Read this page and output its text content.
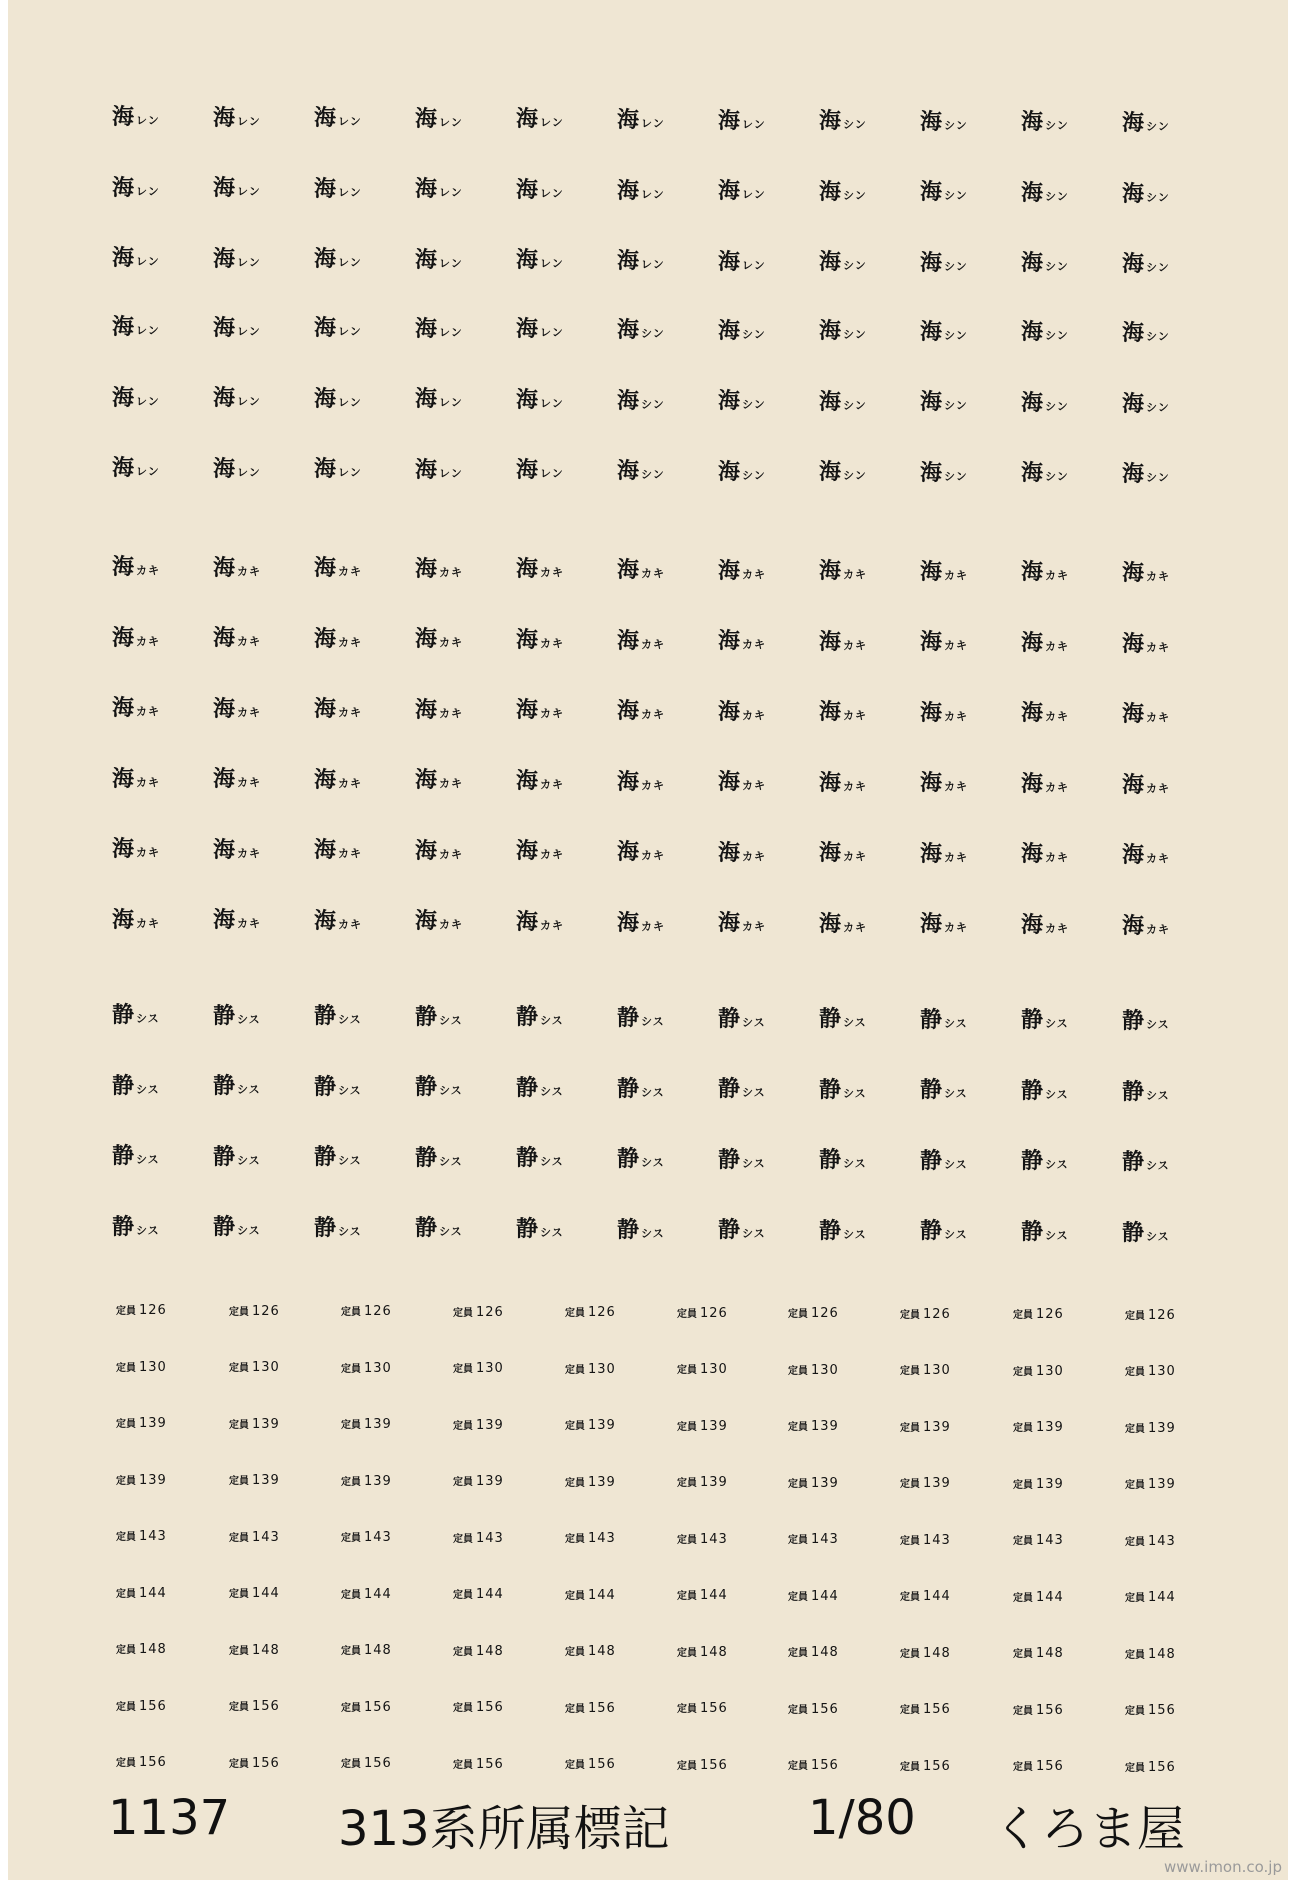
海レン 海レン 海レン 海レン 海レン 海レン 海レン 海シン 海シン 海シン 海シン
海レン 海レン 海レン 海レン 海レン 海レン 海レン 海シン 海シン 海シン 海シン
海レン 海レン 海レン 海レン 海レン 海レン 海レン 海シン 海シン 海シン 海シン
海レン 海レン 海レン 海レン 海レン 海シン 海シン 海シン 海シン 海シン 海シン
海レン 海レン 海レン 海レン 海レン 海シン 海シン 海シン 海シン 海シン 海シン
海レン 海レン 海レン 海レン 海レン 海シン 海シン 海シン 海シン 海シン 海シン
海カキ 海カキ 海カキ 海カキ 海カキ 海カキ 海カキ 海カキ 海カキ 海カキ 海カキ
海カキ 海カキ 海カキ 海カキ 海カキ 海カキ 海カキ 海カキ 海カキ 海カキ 海カキ
海カキ 海カキ 海カキ 海カキ 海カキ 海カキ 海カキ 海カキ 海カキ 海カキ 海カキ
海カキ 海カキ 海カキ 海カキ 海カキ 海カキ 海カキ 海カキ 海カキ 海カキ 海カキ
海カキ 海カキ 海カキ 海カキ 海カキ 海カキ 海カキ 海カキ 海カキ 海カキ 海カキ
海カキ 海カキ 海カキ 海カキ 海カキ 海カキ 海カキ 海カキ 海カキ 海カキ 海カキ
静シス 静シス 静シス 静シス 静シス 静シス 静シス 静シス 静シス 静シス 静シス
静シス 静シス 静シス 静シス 静シス 静シス 静シス 静シス 静シス 静シス 静シス
静シス 静シス 静シス 静シス 静シス 静シス 静シス 静シス 静シス 静シス 静シス
静シス 静シス 静シス 静シス 静シス 静シス 静シス 静シス 静シス 静シス 静シス
定員 126	定員 126	定員 126	定員 126	定員 126	定員 126	定員 126	定員 126	定員 126	定員 126
定員 130	定員 130	定員 130	定員 130	定員 130	定員 130	定員 130	定員 130	定員 130	定員 130
定員 139	定員 139	定員 139	定員 139	定員 139	定員 139	定員 139	定員 139	定員 139	定員 139
定員 139	定員 139	定員 139	定員 139	定員 139	定員 139	定員 139	定員 139	定員 139	定員 139
定員 143	定員 143	定員 143	定員 143	定員 143	定員 143	定員 143	定員 143	定員 143	定員 143
定員 144	定員 144	定員 144	定員 144	定員 144	定員 144	定員 144	定員 144	定員 144	定員 144
定員 148	定員 148	定員 148	定員 148	定員 148	定員 148	定員 148	定員 148	定員 148	定員 148
定員 156	定員 156	定員 156	定員 156	定員 156	定員 156	定員 156	定員 156	定員 156	定員 156
定員 156	定員 156	定員 156	定員 156	定員 156	定員 156	定員 156	定員 156	定員 156	定員 156
1137 313系所属標記	1/80 くろま屋
www.imon.co.jp
